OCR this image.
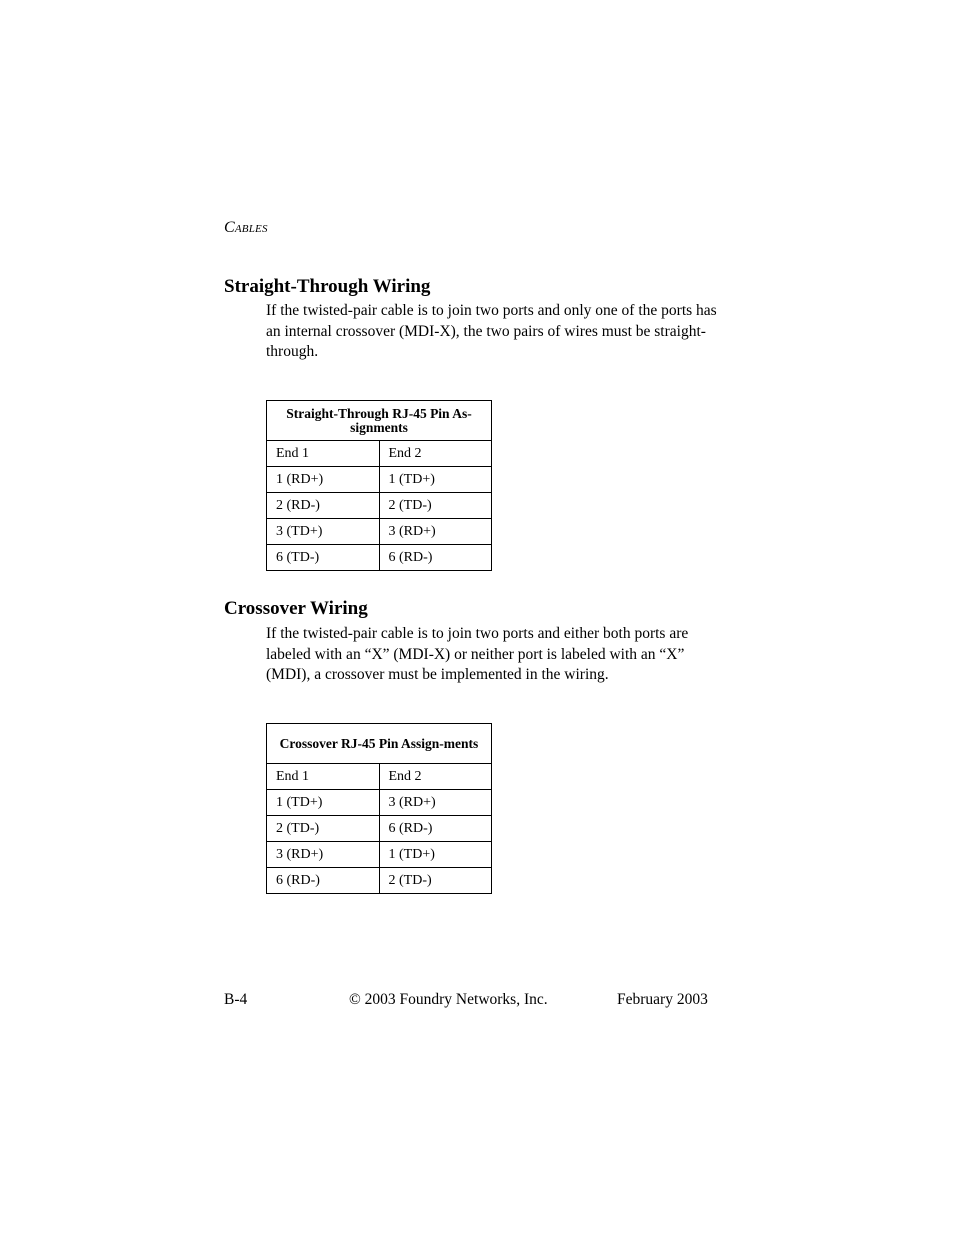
Cables
Straight-Through Wiring

If the twisted-pair cable is to join two ports and only one of the ports has an internal crossover (MDI-X), the two pairs of wires must be straight-through.

Straight-Through RJ-45 Pin As-signments	
End 1	End 2
1 (RD+)	1 (TD+)
2 (RD-)	2 (TD-)
3 (TD+)	3 (RD+)
6 (TD-)	6 (RD-)
Crossover Wiring

If the twisted-pair cable is to join two ports and either both ports are labeled with an “X” (MDI-X) or neither port is labeled with an “X” (MDI), a crossover must be implemented in the wiring.

Crossover RJ-45 Pin Assign-ments	
End 1	End 2
1 (TD+)	3 (RD+)
2 (TD-)	6 (RD-)
3 (RD+)	1 (TD+)
6 (RD-)	2 (TD-)
B-4	© 2003 Foundry Networks, Inc.	February 2003
